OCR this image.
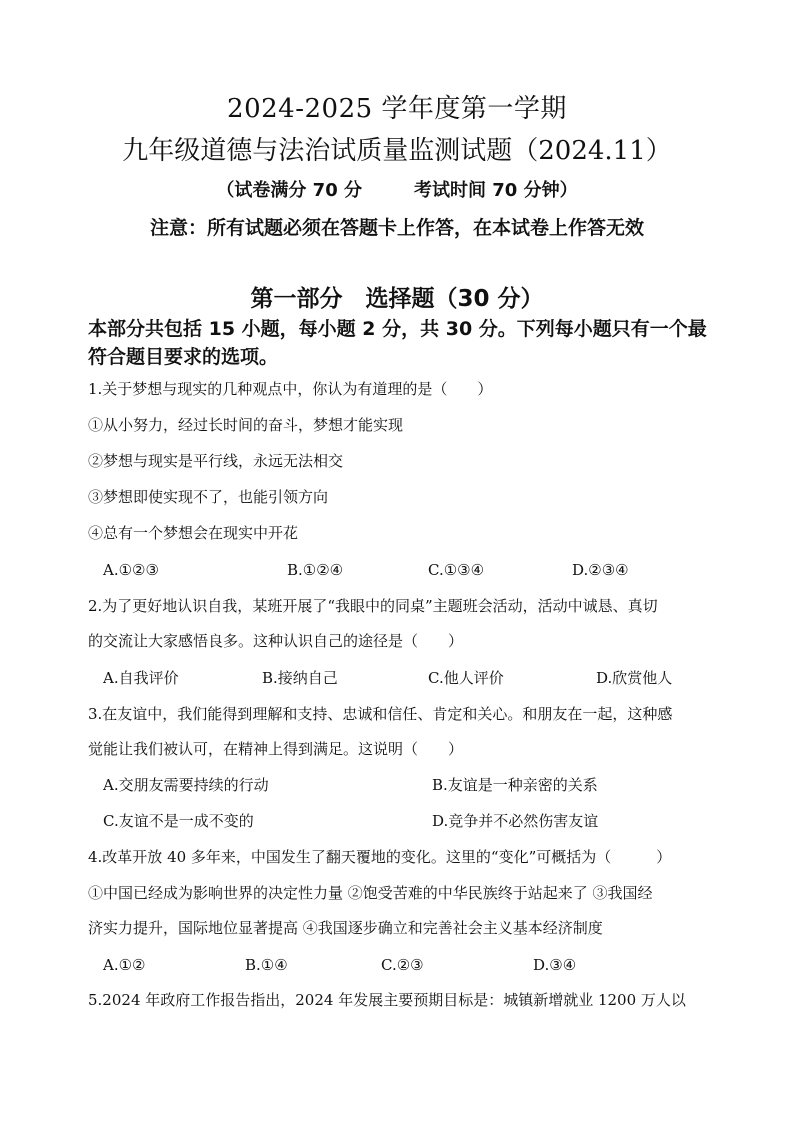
2024-2025 学年度第一学期
九年级道德与法治试质量监测试题（2024.11）
（试卷满分 70 分	考试时间 70 分钟）
注意：所有试题必须在答题卡上作答，在本试卷上作答无效
第一部分　选择题（30 分）
本部分共包括 15 小题，每小题 2 分，共 30 分。下列每小题只有一个最符合题目要求的选项。
1.关于梦想与现实的几种观点中，你认为有道理的是（　　）
①从小努力，经过长时间的奋斗，梦想才能实现
②梦想与现实是平行线，永远无法相交
③梦想即使实现不了，也能引领方向
④总有一个梦想会在现实中开花
A.①②③	B.①②④	C.①③④	D.②③④
2.为了更好地认识自我，某班开展了“我眼中的同桌”主题班会活动，活动中诚恳、真切
的交流让大家感悟良多。这种认识自己的途径是（　　）
A.自我评价	B.接纳自己	C.他人评价	D.欣赏他人
3.在友谊中，我们能得到理解和支持、忠诚和信任、肯定和关心。和朋友在一起，这种感
觉能让我们被认可，在精神上得到满足。这说明（　　）
A.交朋友需要持续的行动	B.友谊是一种亲密的关系
C.友谊不是一成不变的	D.竞争并不必然伤害友谊
4.改革开放 40 多年来，中国发生了翻天覆地的变化。这里的“变化”可概括为（　　　）
①中国已经成为影响世界的决定性力量 ②饱受苦难的中华民族终于站起来了 ③我国经
济实力提升，国际地位显著提高 ④我国逐步确立和完善社会主义基本经济制度
A.①②	B.①④	C.②③	D.③④
5.2024 年政府工作报告指出，2024 年发展主要预期目标是：城镇新增就业 1200 万人以
